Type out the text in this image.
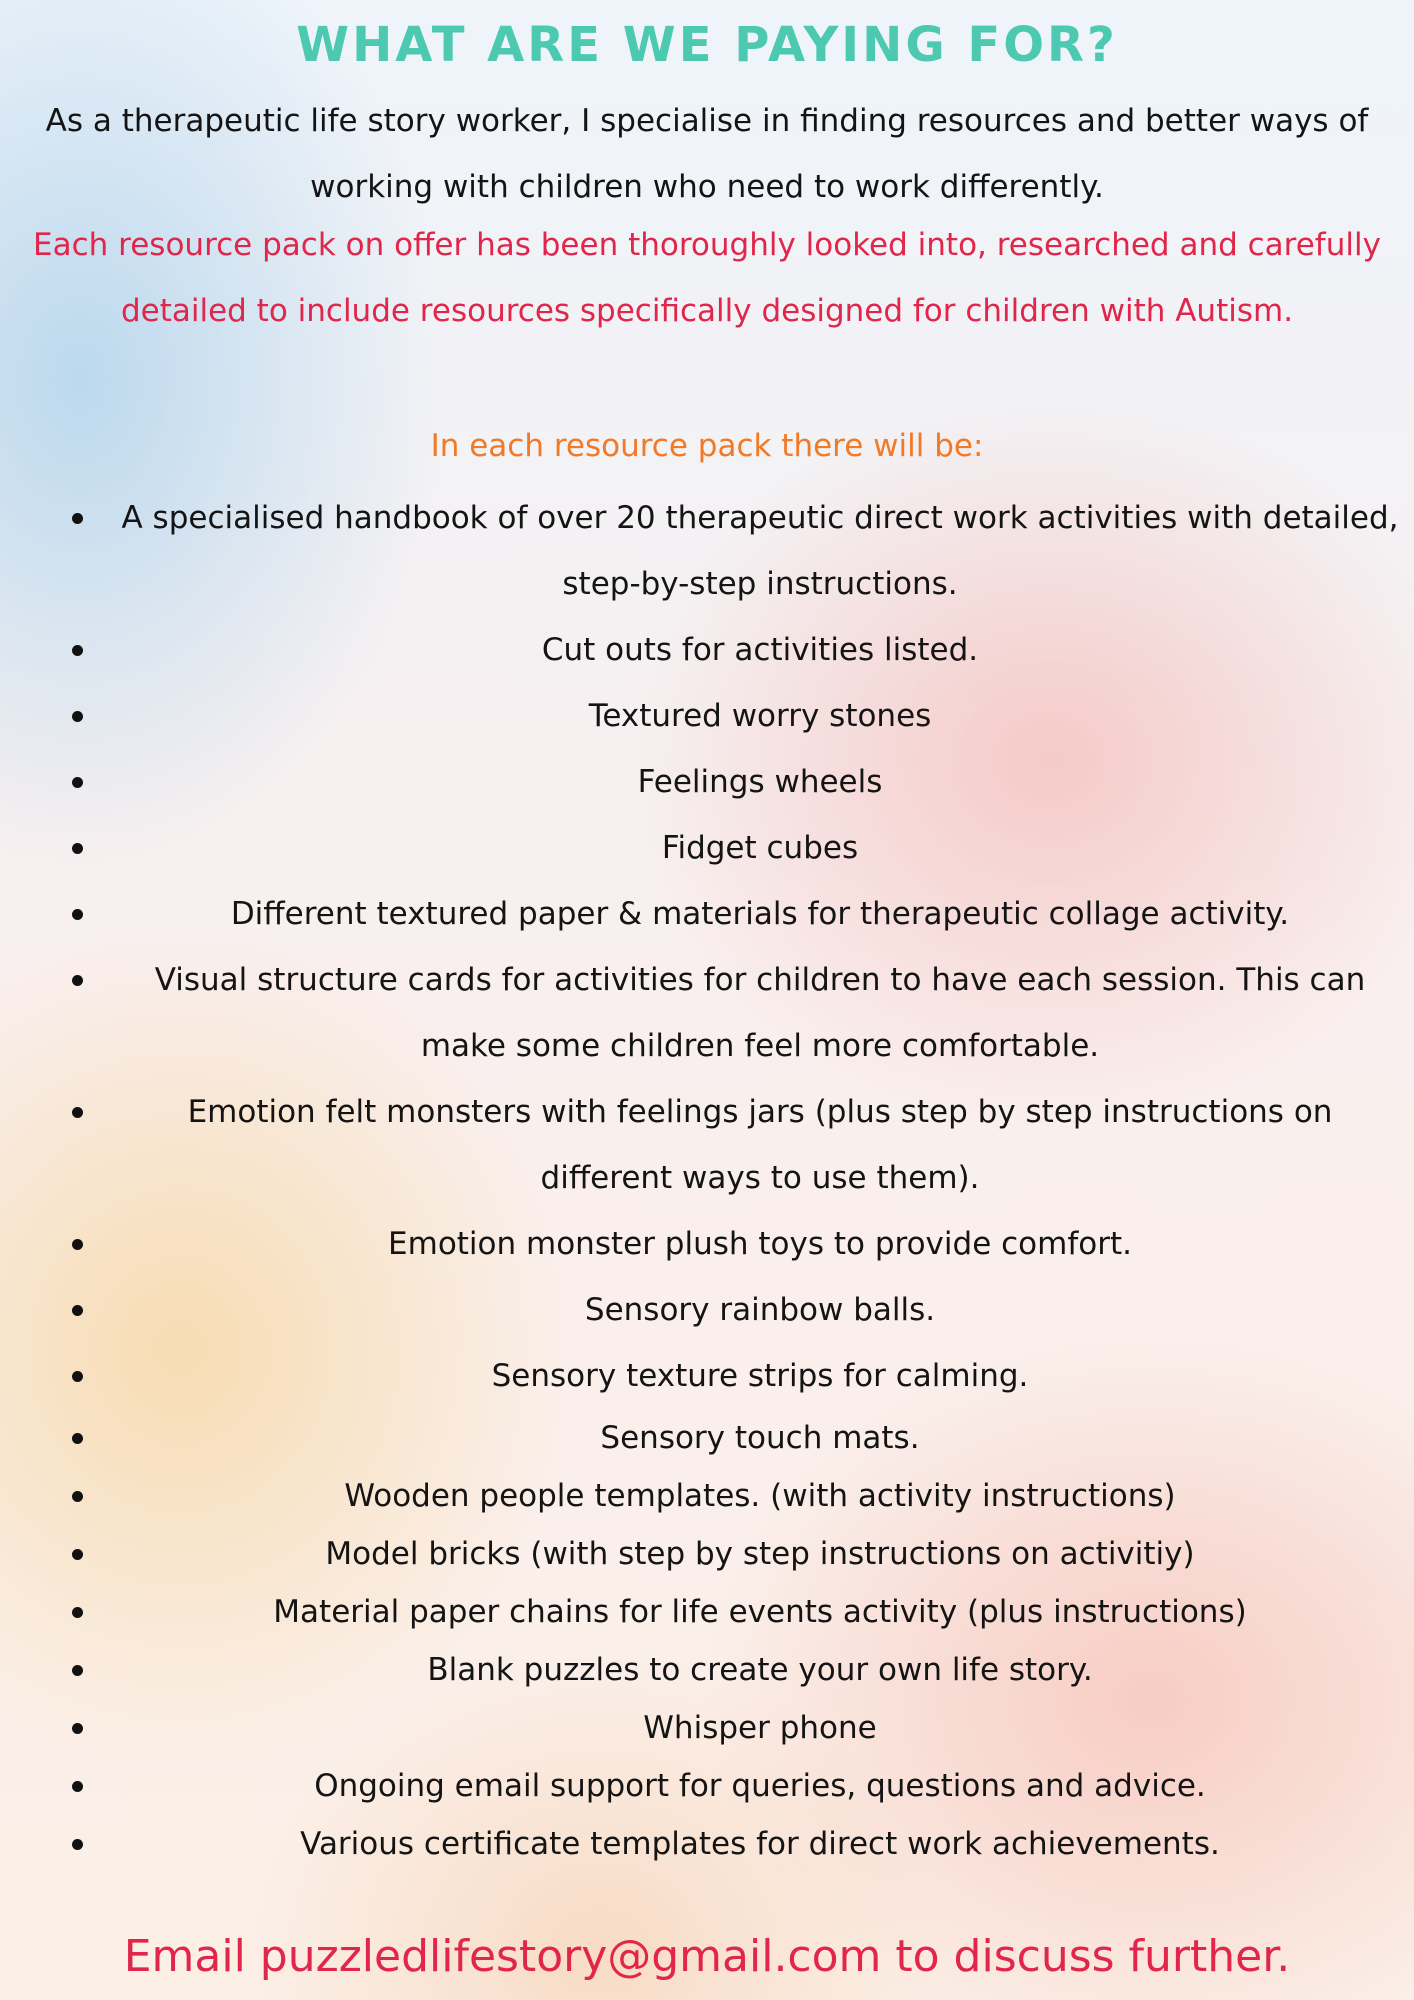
WHAT ARE WE PAYING FOR?
As a therapeutic life story worker, I specialise in finding resources and better ways of working with children who need to work differently.
Each resource pack on offer has been thoroughly looked into, researched and carefully detailed to include resources specifically designed for children with Autism.
In each resource pack there will be:
A specialised handbook of over 20 therapeutic direct work activities with detailed, step-by-step instructions.
Cut outs for activities listed.
Textured worry stones
Feelings wheels
Fidget cubes
Different textured paper & materials for therapeutic collage activity.
Visual structure cards for activities for children to have each session. This can make some children feel more comfortable.
Emotion felt monsters with feelings jars (plus step by step instructions on different ways to use them).
Emotion monster plush toys to provide comfort.
Sensory rainbow balls.
Sensory texture strips for calming.
Sensory touch mats.
Wooden people templates. (with activity instructions)
Model bricks (with step by step instructions on activitiy)
Material paper chains for life events activity (plus instructions)
Blank puzzles to create your own life story.
Whisper phone
Ongoing email support for queries, questions and advice.
Various certificate templates for direct work achievements.
Email puzzledlifestory@gmail.com to discuss further.
